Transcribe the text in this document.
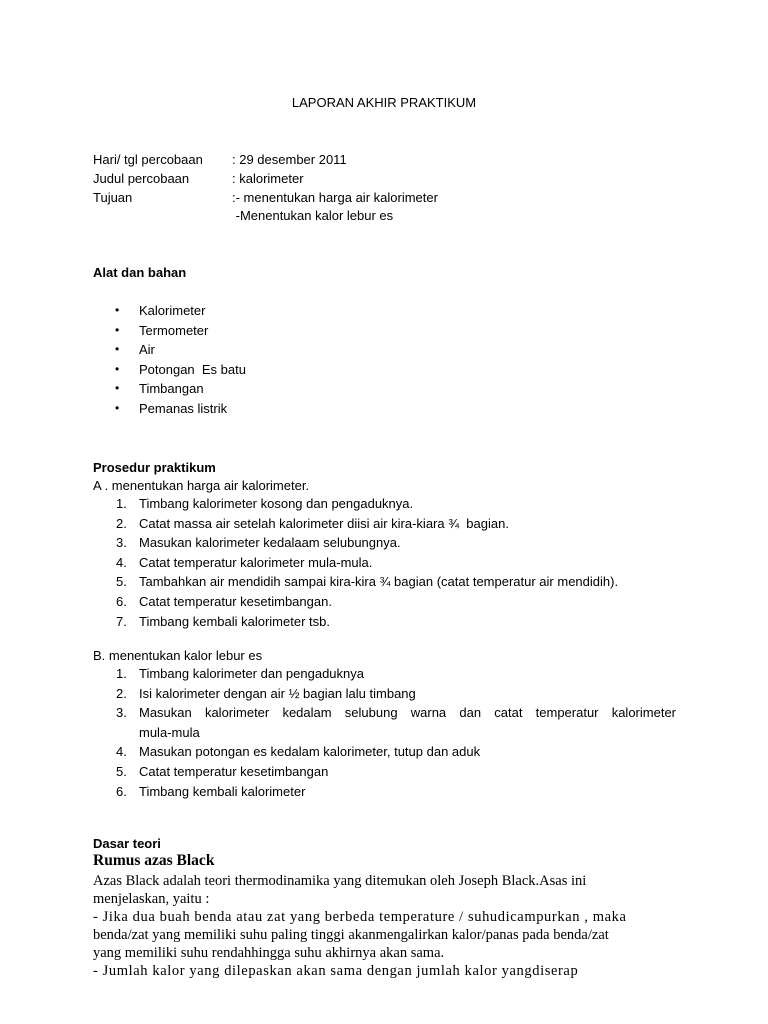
LAPORAN AKHIR PRAKTIKUM
Hari/ tgl percobaan	: 29 desember 2011
Judul percobaan	: kalorimeter
Tujuan	:- menentukan harga air kalorimeter
-Menentukan kalor lebur es
Alat dan bahan
• Kalorimeter
• Termometer
• Air
• Potongan  Es batu
• Timbangan
• Pemanas listrik
Prosedur praktikum
A . menentukan harga air kalorimeter.
1. Timbang kalorimeter kosong dan pengaduknya.
2. Catat massa air setelah kalorimeter diisi air kira-kiara ¾  bagian.
3. Masukan kalorimeter kedalaam selubungnya.
4. Catat temperatur kalorimeter mula-mula.
5. Tambahkan air mendidih sampai kira-kira ¾ bagian (catat temperatur air mendidih).
6. Catat temperatur kesetimbangan.
7. Timbang kembali kalorimeter tsb.
B. menentukan kalor lebur es
1. Timbang kalorimeter dan pengaduknya
2. Isi kalorimeter dengan air ½ bagian lalu timbang
3. Masukan kalorimeter kedalam selubung warna dan catat temperatur kalorimeter
mula-mula
4. Masukan potongan es kedalam kalorimeter, tutup dan aduk
5. Catat temperatur kesetimbangan
6. Timbang kembali kalorimeter
Dasar teori

Rumus azas Black

Azas Black adalah teori thermodinamika yang ditemukan oleh Joseph Black.Asas ini

menjelaskan, yaitu :

- Jika dua buah benda atau zat yang berbeda temperature / suhudicampurkan , maka

benda/zat yang memiliki suhu paling tinggi akanmengalirkan kalor/panas pada benda/zat

yang memiliki suhu rendahhingga suhu akhirnya akan sama.

- Jumlah kalor yang dilepaskan akan sama dengan jumlah kalor yangdiserap
